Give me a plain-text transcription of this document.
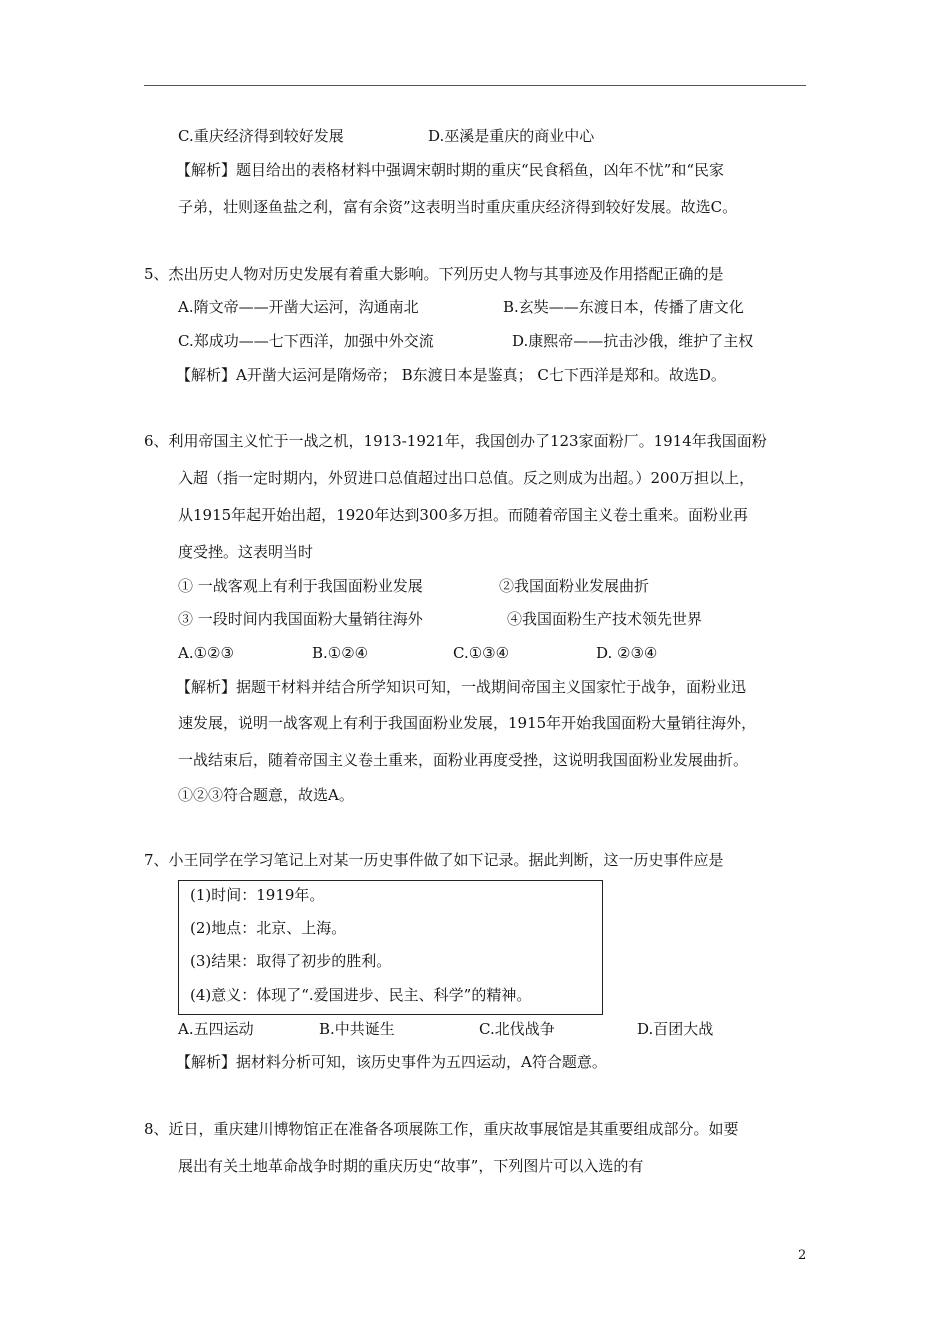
C.重庆经济得到较好发展	D.巫溪是重庆的商业中心
【解析】题目给出的表格材料中强调宋朝时期的重庆“民食稻鱼，凶年不忧”和“民家
子弟，壮则逐鱼盐之利，富有余资”这表明当时重庆重庆经济得到较好发展。故选C。
5、杰出历史人物对历史发展有着重大影响。下列历史人物与其事迹及作用搭配正确的是
A.隋文帝——开凿大运河，沟通南北	B.玄奘——东渡日本，传播了唐文化
C.郑成功——七下西洋，加强中外交流	D.康熙帝——抗击沙俄，维护了主权
【解析】A开凿大运河是隋炀帝； B东渡日本是鉴真； C七下西洋是郑和。故选D。
6、利用帝国主义忙于一战之机，1913-1921年，我国创办了123家面粉厂。1914年我国面粉
入超（指一定时期内，外贸进口总值超过出口总值。反之则成为出超。）200万担以上，
从1915年起开始出超，1920年达到300多万担。而随着帝国主义卷土重来。面粉业再
度受挫。这表明当时
① 一战客观上有利于我国面粉业发展	②我国面粉业发展曲折
③ 一段时间内我国面粉大量销往海外	④我国面粉生产技术领先世界
A.①②③	B.①②④	C.①③④	D. ②③④
【解析】据题干材料并结合所学知识可知，一战期间帝国主义国家忙于战争，面粉业迅
速发展，说明一战客观上有利于我国面粉业发展，1915年开始我国面粉大量销往海外，
一战结束后，随着帝国主义卷土重来，面粉业再度受挫，这说明我国面粉业发展曲折。
①②③符合题意，故选A。
7、小王同学在学习笔记上对某一历史事件做了如下记录。据此判断，这一历史事件应是
(1)时间：1919年。
(2)地点：北京、上海。
(3)结果：取得了初步的胜利。
(4)意义：体现了“.爱国进步、民主、科学”的精神。
A.五四运动	B.中共诞生	C.北伐战争	D.百团大战
【解析】据材料分析可知，该历史事件为五四运动，A符合题意。
8、近日，重庆建川博物馆正在准备各项展陈工作，重庆故事展馆是其重要组成部分。如要
展出有关土地革命战争时期的重庆历史“故事”，下列图片可以入选的有
2
